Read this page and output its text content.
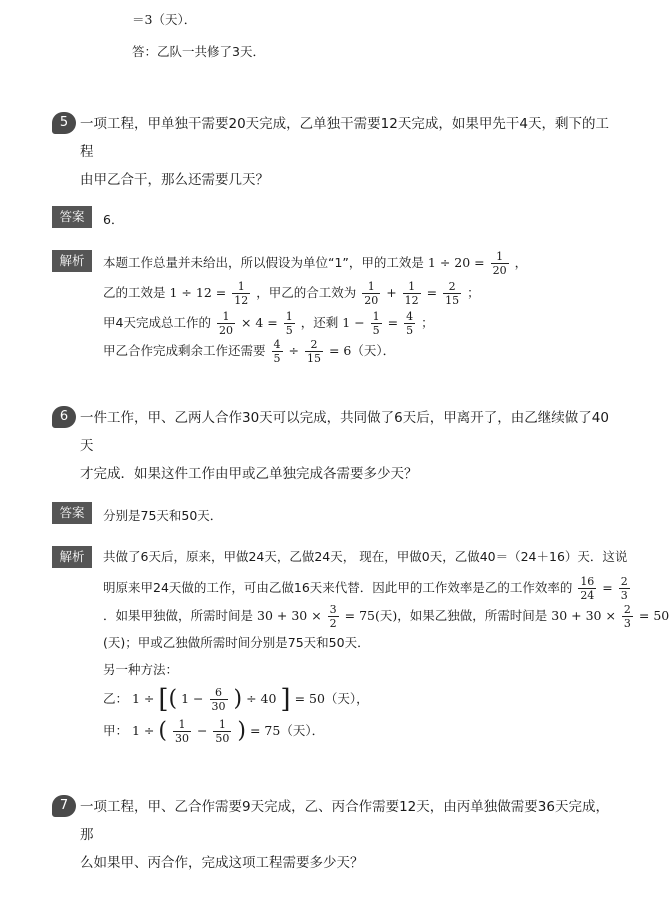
＝3（天）．
答：乙队一共修了3天．
5 一项工程，甲单独干需要20天完成，乙单独干需要12天完成，如果甲先干4天，剩下的工程
由甲乙合干，那么还需要几天？
答案	6．
解析	本题工作总量并未给出，所以假设为单位“1”，甲的工效是 $1 \div 20 = \frac{1}{20}$ ，
乙的工效是 $1 \div 12 = \frac{1}{12}$ ，甲乙的合工效为 $\frac{1}{20} + \frac{1}{12} = \frac{2}{15}$ ；
甲4天完成总工作的 $\frac{1}{20} \times 4 = \frac{1}{5}$ ，还剩 $1 - \frac{1}{5} = \frac{4}{5}$ ；
甲乙合作完成剩余工作还需要 $\frac{4}{5} \div \frac{2}{15} = 6$（天）．
6 一件工作，甲、乙两人合作30天可以完成，共同做了6天后，甲离开了，由乙继续做了40天
才完成．如果这件工作由甲或乙单独完成各需要多少天？
答案	分别是75天和50天．
解析	共做了6天后，原来，甲做24天，乙做24天， 现在，甲做0天，乙做40＝（24＋16）天．这说
明原来甲24天做的工作，可由乙做16天来代替．因此甲的工作效率是乙的工作效率的 $\frac{16}{24} = \frac{2}{3}$
．如果甲独做，所需时间是 $30 + 30 \times \frac{3}{2} = 75$(天)，如果乙独做，所需时间是 $30 + 30 \times \frac{2}{3} = 50$
(天)；甲或乙独做所需时间分别是75天和50天．
另一种方法：
乙： 1 ÷ [( $1 - \frac{6}{30}$ ) ÷ 40 ] = 50（天），
甲： 1 ÷ ( $\frac{1}{30} - \frac{1}{50}$ ) = 75（天）．
7 一项工程，甲、乙合作需要9天完成，乙、丙合作需要12天，由丙单独做需要36天完成，那
么如果甲、丙合作，完成这项工程需要多少天？
